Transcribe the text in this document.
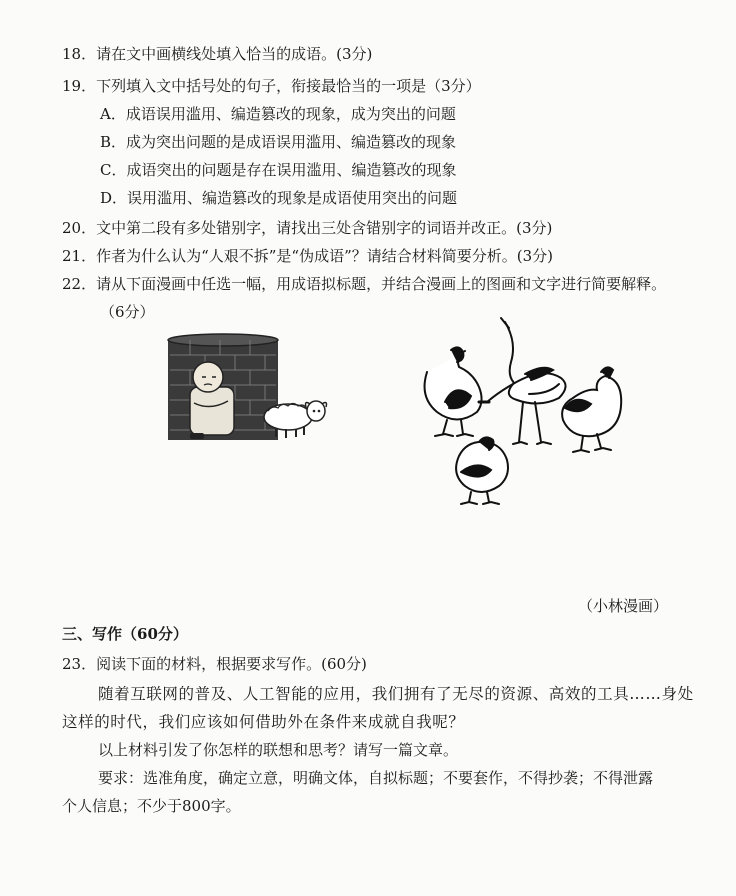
18．请在文中画横线处填入恰当的成语。(3分)
19．下列填入文中括号处的句子，衔接最恰当的一项是（3分）
A．成语误用滥用、编造篡改的现象，成为突出的问题
B．成为突出问题的是成语误用滥用、编造篡改的现象
C．成语突出的问题是存在误用滥用、编造篡改的现象
D．误用滥用、编造篡改的现象是成语使用突出的问题
20．文中第二段有多处错别字，请找出三处含错别字的词语并改正。(3分)
21．作者为什么认为“人艰不拆”是“伪成语”？请结合材料简要分析。(3分)
22．请从下面漫画中任选一幅，用成语拟标题，并结合漫画上的图画和文字进行简要解释。
（6分）
（小林漫画）
三、写作（60分）
23．阅读下面的材料，根据要求写作。(60分)
随着互联网的普及、人工智能的应用，我们拥有了无尽的资源、高效的工具……身处
这样的时代，我们应该如何借助外在条件来成就自我呢？
以上材料引发了你怎样的联想和思考？请写一篇文章。
要求：选准角度，确定立意，明确文体，自拟标题；不要套作，不得抄袭；不得泄露
个人信息；不少于800字。
